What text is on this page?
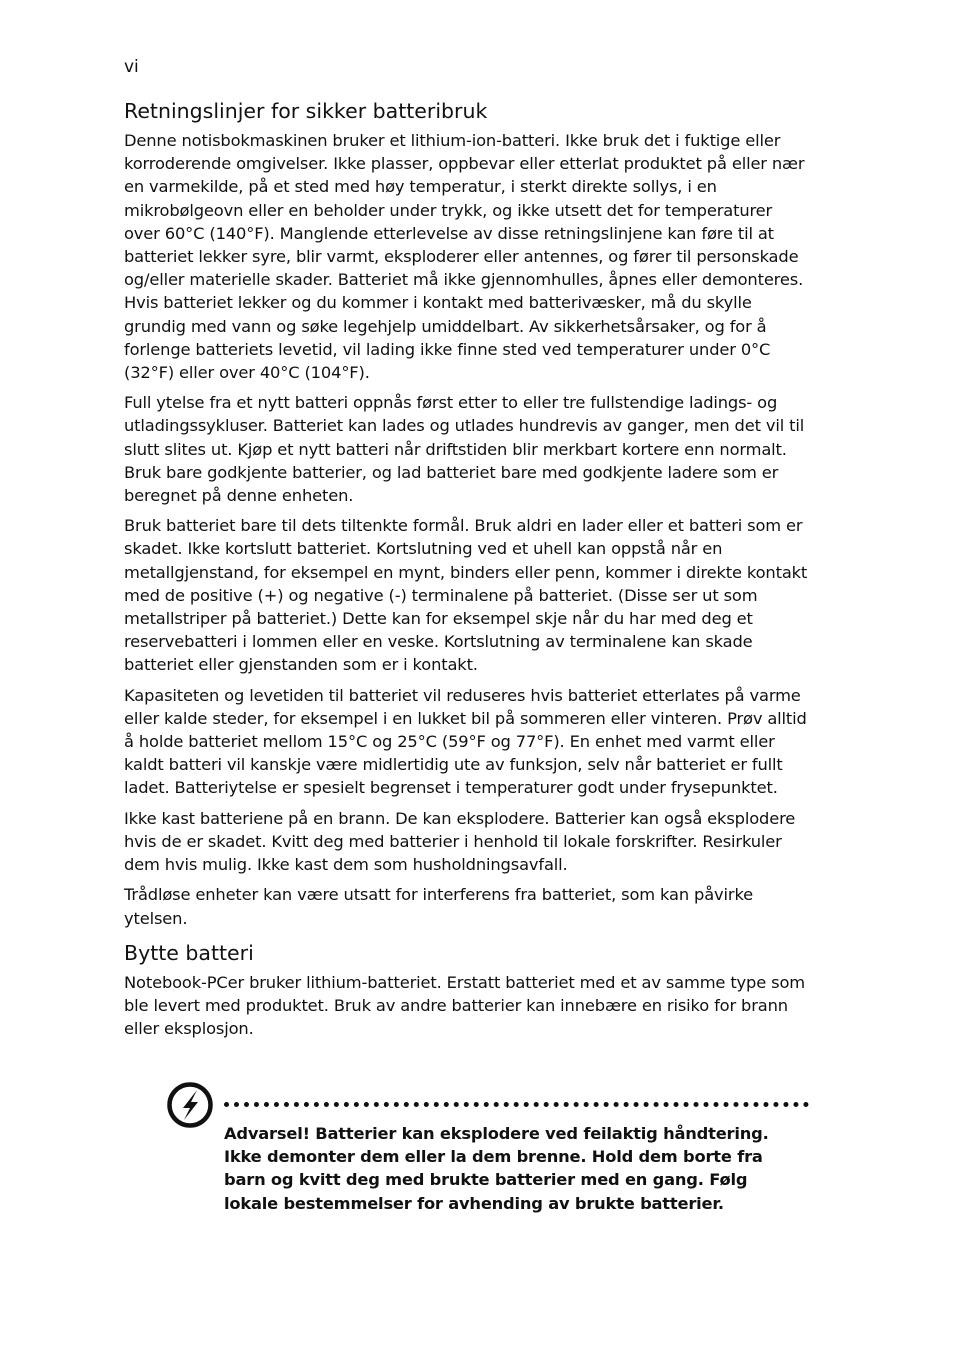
vi
Retningslinjer for sikker batteribruk

Denne notisbokmaskinen bruker et lithium-ion-batteri. Ikke bruk det i fuktige eller korroderende omgivelser. Ikke plasser, oppbevar eller etterlat produktet på eller nær en varmekilde, på et sted med høy temperatur, i sterkt direkte sollys, i en mikrobølgeovn eller en beholder under trykk, og ikke utsett det for temperaturer over 60°C (140°F). Manglende etterlevelse av disse retningslinjene kan føre til at batteriet lekker syre, blir varmt, eksploderer eller antennes, og fører til personskade og/eller materielle skader. Batteriet må ikke gjennomhulles, åpnes eller demonteres. Hvis batteriet lekker og du kommer i kontakt med batterivæsker, må du skylle grundig med vann og søke legehjelp umiddelbart. Av sikkerhetsårsaker, og for å forlenge batteriets levetid, vil lading ikke finne sted ved temperaturer under 0°C (32°F) eller over 40°C (104°F).

Full ytelse fra et nytt batteri oppnås først etter to eller tre fullstendige ladings- og utladingssykluser. Batteriet kan lades og utlades hundrevis av ganger, men det vil til slutt slites ut. Kjøp et nytt batteri når driftstiden blir merkbart kortere enn normalt. Bruk bare godkjente batterier, og lad batteriet bare med godkjente ladere som er beregnet på denne enheten.

Bruk batteriet bare til dets tiltenkte formål. Bruk aldri en lader eller et batteri som er skadet. Ikke kortslutt batteriet. Kortslutning ved et uhell kan oppstå når en metallgjenstand, for eksempel en mynt, binders eller penn, kommer i direkte kontakt med de positive (+) og negative (-) terminalene på batteriet. (Disse ser ut som metallstriper på batteriet.) Dette kan for eksempel skje når du har med deg et reservebatteri i lommen eller en veske. Kortslutning av terminalene kan skade batteriet eller gjenstanden som er i kontakt.

Kapasiteten og levetiden til batteriet vil reduseres hvis batteriet etterlates på varme eller kalde steder, for eksempel i en lukket bil på sommeren eller vinteren. Prøv alltid å holde batteriet mellom 15°C og 25°C (59°F og 77°F). En enhet med varmt eller kaldt batteri vil kanskje være midlertidig ute av funksjon, selv når batteriet er fullt ladet. Batteriytelse er spesielt begrenset i temperaturer godt under frysepunktet.

Ikke kast batteriene på en brann. De kan eksplodere. Batterier kan også eksplodere hvis de er skadet. Kvitt deg med batterier i henhold til lokale forskrifter. Resirkuler dem hvis mulig. Ikke kast dem som husholdningsavfall.

Trådløse enheter kan være utsatt for interferens fra batteriet, som kan påvirke ytelsen.

Bytte batteri

Notebook-PCer bruker lithium-batteriet. Erstatt batteriet med et av samme type som ble levert med produktet. Bruk av andre batterier kan innebære en risiko for brann eller eksplosjon.

Advarsel! Batterier kan eksplodere ved feilaktig håndtering. Ikke demonter dem eller la dem brenne. Hold dem borte fra barn og kvitt deg med brukte batterier med en gang. Følg lokale bestemmelser for avhending av brukte batterier.
